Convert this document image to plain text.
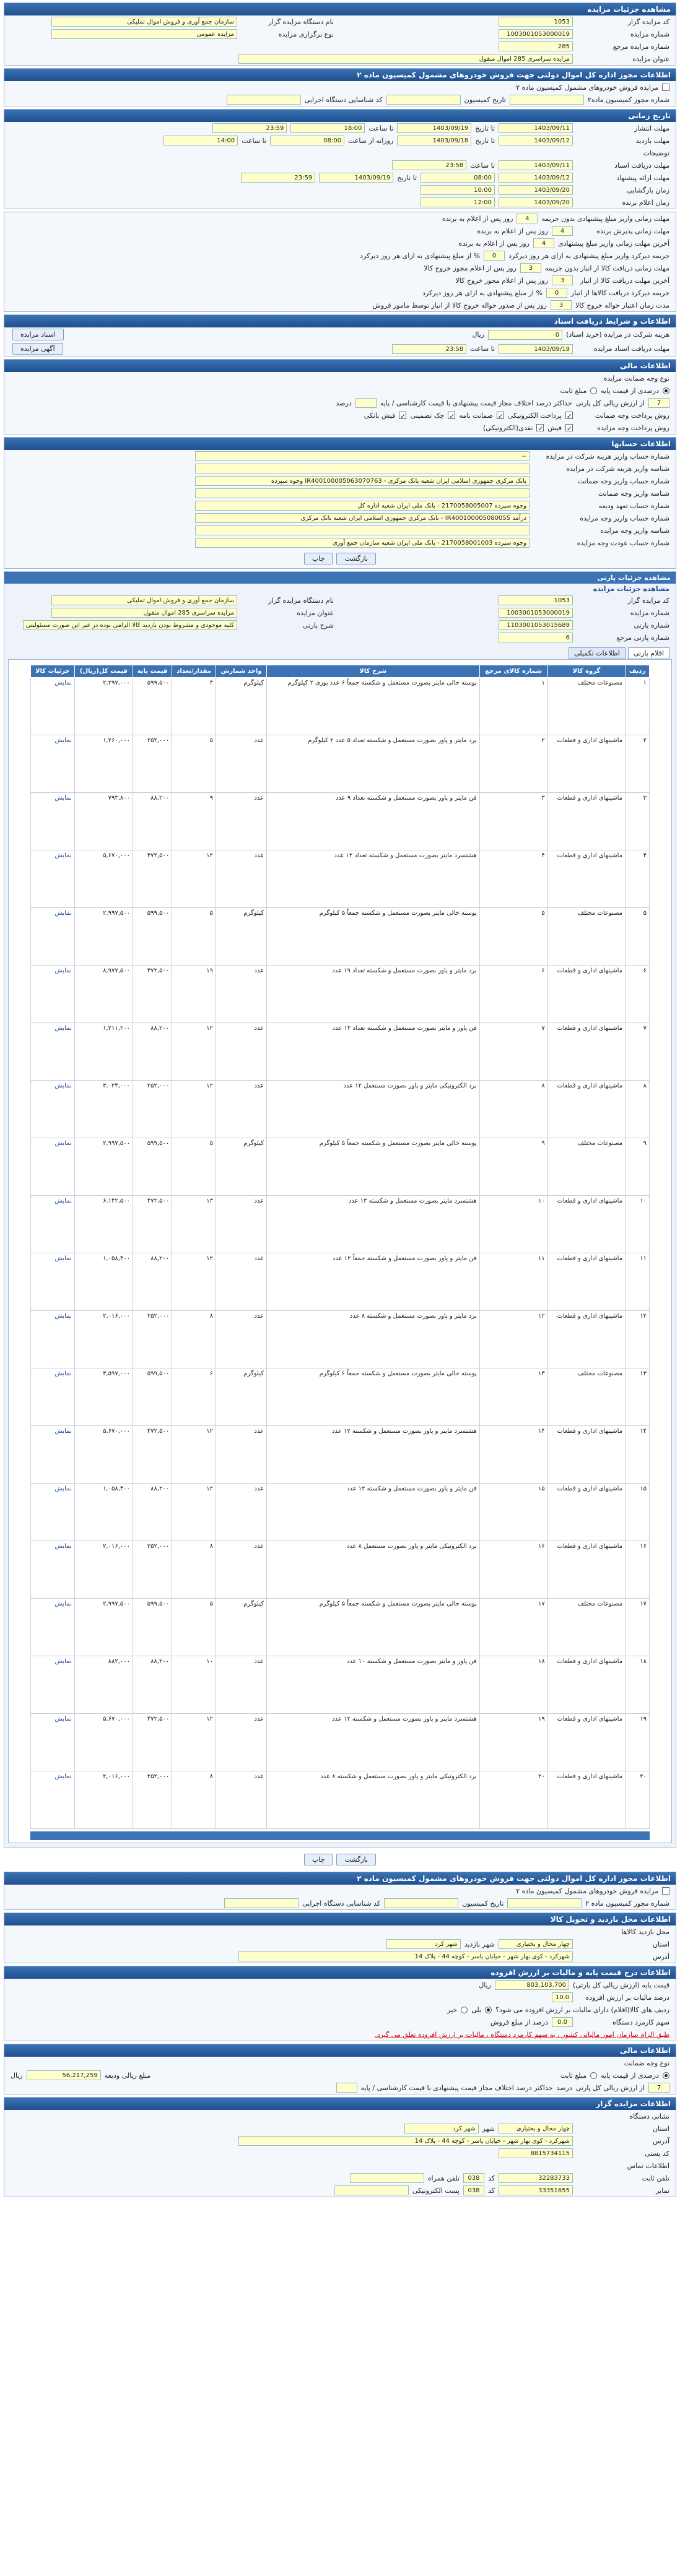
مشاهده جزئیات مزایده
کد مزایده گزار
1053
نام دستگاه مزایده گزار
سازمان جمع آوری و فروش اموال تملیکی
شماره مزایده
1003001053000019
نوع برگزاری مزایده
مزایده عمومی
شماره مزایده مرجع
285
عنوان مزایده
مزایده سراسری 285 اموال منقول
اطلاعات مجوز اداره کل اموال دولتی جهت فروش خودروهای مشمول کمیسیون ماده ۲
مزایده فروش خودروهای مشمول کمیسیون ماده ۲
شماره مجوز کمیسیون ماده۲
تاریخ کمیسیون
کد شناسایی دستگاه اجرایی
تاریخ زمانی
مهلت انتشار
1403/09/11
تا تاریخ
1403/09/19
تا ساعت
18:00
23:59
مهلت بازدید
1403/09/12
تا تاریخ
1403/09/18
روزانه از ساعت
08:00
تا ساعت
14:00
توضیحات
مهلت دریافت اسناد
1403/09/11
تا ساعت
23:58
مهلت ارائه پیشنهاد
1403/09/12
08:00
تا تاریخ
1403/09/19
23:59
زمان بازگشایی
1403/09/20
10:00
زمان اعلام برنده
1403/09/20
12:00
مهلت زمانی واریز مبلغ پیشنهادی بدون جریمه
4
روز پس از اعلام به برنده
مهلت زمانی پذیرش برنده
4
روز پس از اعلام به برنده
آخرین مهلت زمانی واریز مبلغ پیشنهادی
4
روز پس از اعلام به برنده
جریمه دیرکرد واریز مبلغ پیشنهادی به ازای هر روز دیرکرد
0
% از مبلغ پیشنهادی به ازای هر روز دیرکرد
مهلت زمانی دریافت کالا از انبار بدون جریمه
3
روز پس از اعلام مجوز خروج کالا
آخرین مهلت دریافت کالا از انبار
3
روز پس از اعلام مجوز خروج کالا
جریمه دیرکرد دریافت کالاها از انبار
0
% از مبلغ پیشنهادی به ازای هر روز دیرکرد
مدت زمان اعتبار حواله خروج کالا
3
روز پس از صدور حواله خروج کالا از انبار توسط مامور فروش
اطلاعات و شرایط دریافت اسناد
هزینه شرکت در مزایده (خرید اسناد)
0
ریال
اسناد مزایده
مهلت دریافت اسناد مزایده
1403/09/19
تا ساعت
23:58
آگهی مزایده
اطلاعات مالی
نوع وجه ضمانت مزایده
درصدی از قیمت پایه
مبلغ ثابت
7
از ارزش ریالی کل پارتی
حداکثر درصد اختلاف مجاز قیمت پیشنهادی با قیمت کارشناسی / پایه
درصد
روش پرداخت وجه ضمانت
✓
پرداخت الکترونیکی
✓
ضمانت نامه
✓
چک تضمینی
✓
فیش بانکی
روش پرداخت وجه مزایده
✓
فیش
✓
نقدی(الکترونیکی)
اطلاعات حسابها
شماره حساب واریز هزینه شرکت در مزایده
--
شناسه واریز هزینه شرکت در مزایده
شماره حساب واریز وجه ضمانت
بانک مرکزی جمهوری اسلامی ایران شعبه بانک مرکزی - IR400100005063070763 وجوه سپرده
شناسه واریز وجه ضمانت
شماره حساب تعهد ودیعه
وجوه سپرده 2170058005007 - بانک ملی ایران شعبه اداره کل
شماره حساب واریز وجه مزایده
درآمد IR400100005080055 - بانک مرکزی جمهوری اسلامی ایران شعبه بانک مرکزی
شناسه واریز وجه مزایده
شماره حساب عودت وجه مزایده
وجوه سپرده 2170058001003 - بانک ملی ایران شعبه سازمان جمع آوری
بازگشتچاپ
مشاهده جزئیات پارتی
مشاهده جزئیات مزایده
کد مزایده گزار
1053
نام دستگاه مزایده گزار
سازمان جمع آوری و فروش اموال تملیکی
شماره مزایده
1003001053000019
عنوان مزایده
مزایده سراسری 285 اموال منقول
شماره پارتی
1103001053015689
شرح پارتی
کلیه موجودی و مشروط بودن بازدید کالا الزامی بوده در غیر این صورت مسئولیتی
شماره پارتی مرجع
6
اقلام پارتی
اطلاعات تکمیلی
ردیف	گروه کالا	شماره کالای مرجع	شرح کالا	واحد شمارش	مقدار/تعداد	قیمت پایه	قیمت کل(ریال)	جزئیات کالا
۱	مصنوعات مختلف	۱	پوسته خالی مایتر بصورت مستعمل و شکسته جمعاً ۶ عدد بوری ۲ کیلوگرم	کیلوگرم	۴	۵۹۹,۵۰۰	۲,۳۹۷,۰۰۰	نمایش
۲	ماشینهای اداری و قطعات	۲	برد مایتر و پاور بصورت مستعمل و شکسته تعداد ۵ عدد ۲ کیلوگرم	عدد	۵	۲۵۲,۰۰۰	۱,۲۶۰,۰۰۰	نمایش
۳	ماشینهای اداری و قطعات	۳	فن مایتر و پاور بصورت مستعمل و شکسته تعداد ۹ عدد	عدد	۹	۸۸,۲۰۰	۷۹۳,۸۰۰	نمایش
۴	ماشینهای اداری و قطعات	۴	هشتسرد مایتر بصورت مستعمل و شکسته تعداد ۱۲ عدد	عدد	۱۲	۴۷۲,۵۰۰	۵,۶۷۰,۰۰۰	نمایش
۵	مصنوعات مختلف	۵	پوسته خالی مایتر بصورت مستعمل و شکسته جمعاً ۵ کیلوگرم	کیلوگرم	۵	۵۹۹,۵۰۰	۲,۹۹۷,۵۰۰	نمایش
۶	ماشینهای اداری و قطعات	۶	برد مایتر و پاور بصورت مستعمل و شکسته تعداد ۱۹ عدد	عدد	۱۹	۴۷۲,۵۰۰	۸,۹۷۷,۵۰۰	نمایش
۷	ماشینهای اداری و قطعات	۷	فن پاور و مایتر بصورت مستعمل و شکسته تعداد ۱۲ عدد	عدد	۱۲	۸۸,۲۰۰	۱,۲۱۱,۲۰۰	نمایش
۸	ماشینهای اداری و قطعات	۸	برد الکترونیکی مایتر و پاور بصورت مستعمل ۱۲ عدد	عدد	۱۲	۲۵۲,۰۰۰	۳,۰۲۴,۰۰۰	نمایش
۹	مصنوعات مختلف	۹	پوسته خالی مایتر بصورت مستعمل و شکسته جمعاً ۵ کیلوگرم	کیلوگرم	۵	۵۹۹,۵۰۰	۲,۹۹۷,۵۰۰	نمایش
۱۰	ماشینهای اداری و قطعات	۱۰	هشتسرد مایتر بصورت مستعمل و شکسته ۱۳ عدد	عدد	۱۳	۴۷۲,۵۰۰	۶,۱۴۲,۵۰۰	نمایش
۱۱	ماشینهای اداری و قطعات	۱۱	فن مایتر و پاور بصورت مستعمل و شکسته جمعاً ۱۲ عدد	عدد	۱۲	۸۸,۲۰۰	۱,۰۵۸,۴۰۰	نمایش
۱۲	ماشینهای اداری و قطعات	۱۲	برد مایتر و پاور بصورت مستعمل و شکسته ۸ عدد	عدد	۸	۲۵۲,۰۰۰	۲,۰۱۶,۰۰۰	نمایش
۱۳	مصنوعات مختلف	۱۳	پوسته خالی مایتر بصورت مستعمل و شکسته جمعاً ۶ کیلوگرم	کیلوگرم	۶	۵۹۹,۵۰۰	۳,۵۹۷,۰۰۰	نمایش
۱۴	ماشینهای اداری و قطعات	۱۴	هشتسرد مایتر و پاور بصورت مستعمل و شکسته ۱۲ عدد	عدد	۱۲	۴۷۲,۵۰۰	۵,۶۷۰,۰۰۰	نمایش
۱۵	ماشینهای اداری و قطعات	۱۵	فن مایتر و پاور بصورت مستعمل و شکسته ۱۲ عدد	عدد	۱۲	۸۸,۲۰۰	۱,۰۵۸,۴۰۰	نمایش
۱۶	ماشینهای اداری و قطعات	۱۶	برد الکترونیکی مایتر و پاور بصورت مستعمل ۸ عدد	عدد	۸	۲۵۲,۰۰۰	۲,۰۱۶,۰۰۰	نمایش
۱۷	مصنوعات مختلف	۱۷	پوسته خالی مایتر بصورت مستعمل و شکسته جمعاً ۵ کیلوگرم	کیلوگرم	۵	۵۹۹,۵۰۰	۲,۹۹۷,۵۰۰	نمایش
۱۸	ماشینهای اداری و قطعات	۱۸	فن پاور و مایتر بصورت مستعمل و شکسته ۱۰ عدد	عدد	۱۰	۸۸,۲۰۰	۸۸۲,۰۰۰	نمایش
۱۹	ماشینهای اداری و قطعات	۱۹	هشتسرد مایتر و پاور بصورت مستعمل و شکسته ۱۲ عدد	عدد	۱۲	۴۷۲,۵۰۰	۵,۶۷۰,۰۰۰	نمایش
۲۰	ماشینهای اداری و قطعات	۲۰	برد الکترونیکی مایتر و پاور بصورت مستعمل و شکسته ۸ عدد	عدد	۸	۲۵۲,۰۰۰	۲,۰۱۶,۰۰۰	نمایش
بازگشتچاپ
اطلاعات مجوز اداره کل اموال دولتی جهت فروش خودروهای مشمول کمیسیون ماده ۲
مزایده فروش خودروهای مشمول کمیسیون ماده ۲
شماره مجوز کمیسیون ماده ۲
تاریخ کمیسیون
کد شناسایی دستگاه اجرایی
اطلاعات محل بازدید و تحویل کالا
محل بازدید کالاها
استان
چهار محال و بختیاری
شهر بازدید
شهر کرد
آدرس
شهرکرد - کوی بهار شهر - خیابان یاسر - کوچه 44 - پلاک 14
اطلاعات درج قیمت پایه و مالیات بر ارزش افزوده
قیمت پایه (ارزش ریالی کل پارتی)
803,103,700
ریال
درصد مالیات بر ارزش افزوده
10.0
ردیف های کالا(اقلام) دارای مالیات بر ارزش افزوده می شود؟
بلی
خیر
سهم کارمزد دستگاه
0.0
درصد از مبلغ فروش
طبق الزام سازمان امور مالیاتی کشور ، به سهم کارمزد دستگاه ، مالیات بر ارزش افزوده تعلق می گیرد.
اطلاعات مالی
نوع وجه ضمانت
درصدی از قیمت پایه
مبلغ ثابت
مبلغ ریالی ودیعه
56,217,259
ریال
7
از ارزش ریالی کل پارتی
درصد
حداکثر درصد اختلاف مجاز قیمت پیشنهادی با قیمت کارشناسی / پایه
اطلاعات مزایده گزار
نشانی دستگاه
استان
چهار محال و بختیاری
شهر
شهر کرد
آدرس
شهرکرد - کوی بهار شهر - خیابان یاسر - کوچه 44 - پلاک 14
کد پستی
8815734115
اطلاعات تماس
تلفن ثابت
32283733
کد
038
تلفن همراه
نمابر
33351655
کد
038
پست الکترونیکی
